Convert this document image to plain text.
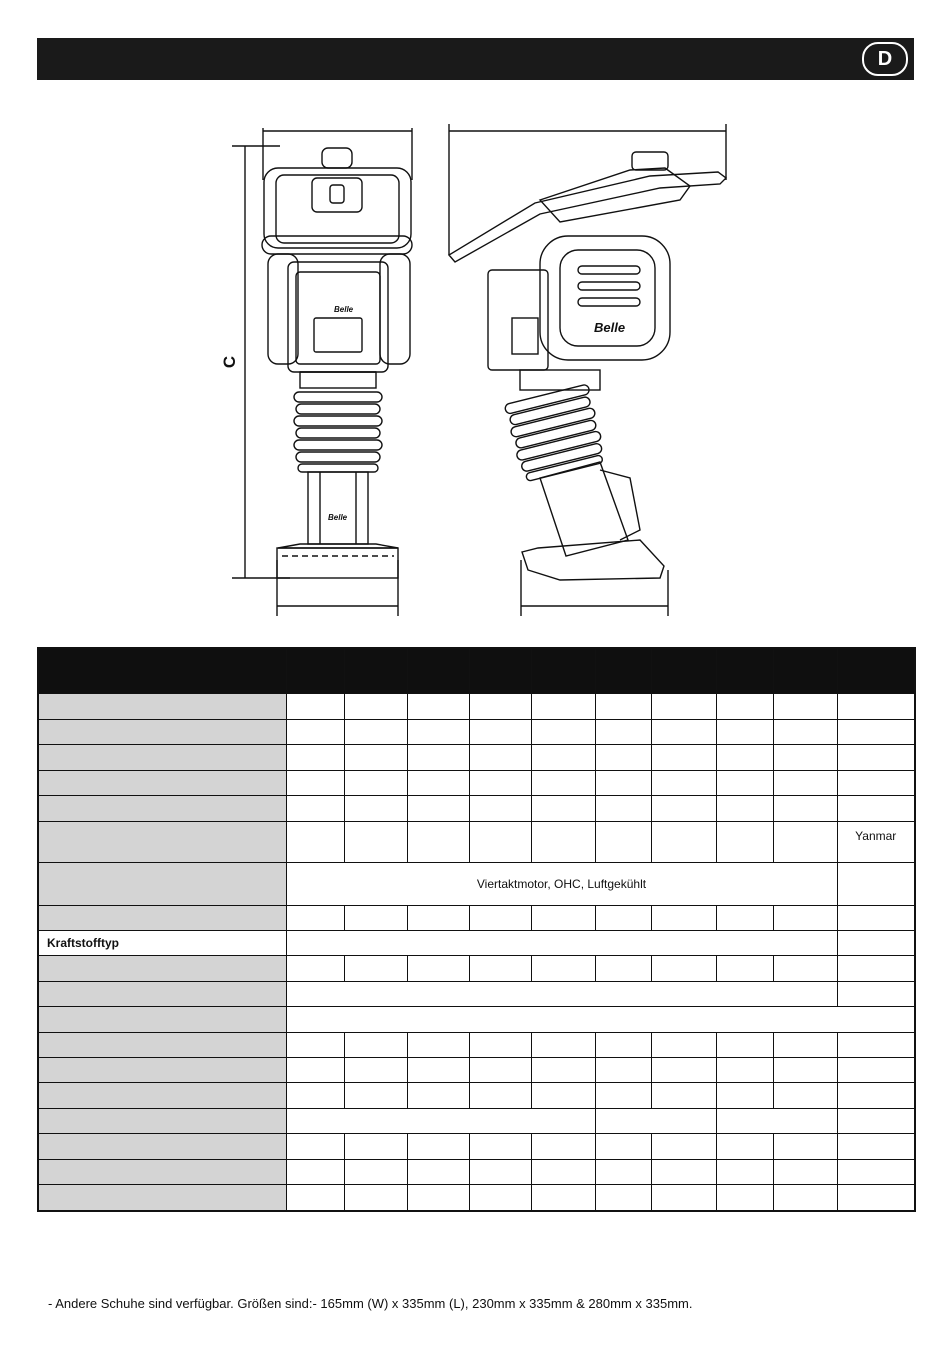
D
Belle
Belle
Belle
C

										Yanmar
	Viertaktmotor, OHC, Luftgekühlt									

Kraftstofftyp										

- Andere Schuhe sind verfügbar. Größen sind:- 165mm (W) x 335mm (L), 230mm x 335mm & 280mm x 335mm.
